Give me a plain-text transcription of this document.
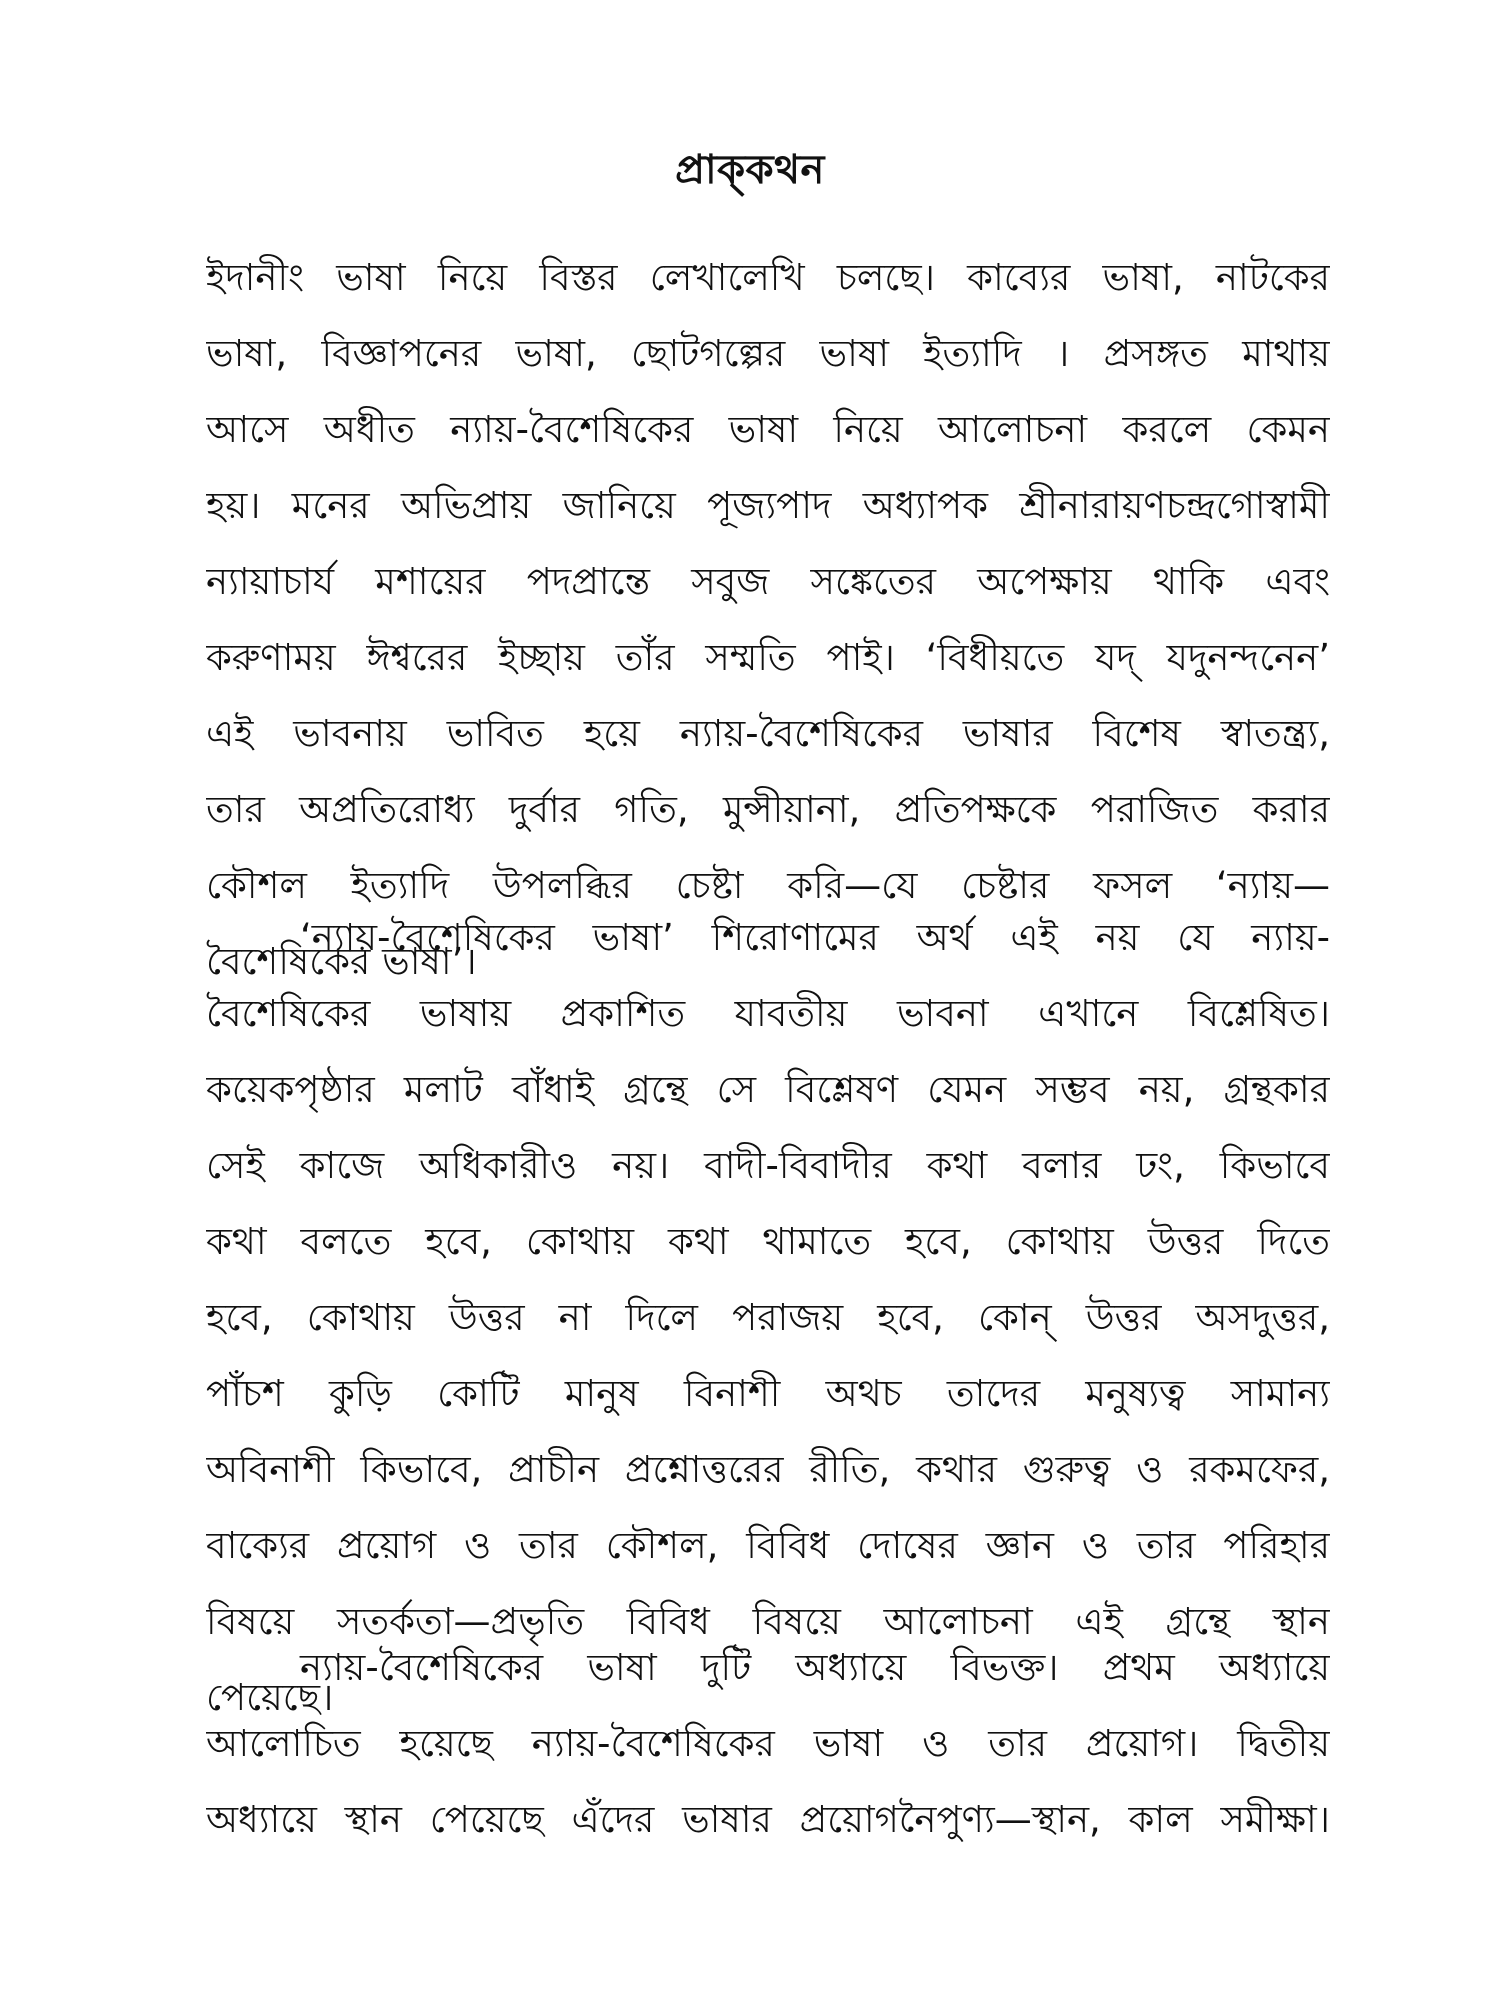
প্রাক্‌কথন
ইদানীং ভাষা নিয়ে বিস্তর লেখালেখি চলছে। কাব্যের ভাষা, নাটকের
ভাষা, বিজ্ঞাপনের ভাষা, ছোটগল্পের ভাষা ইত্যাদি । প্রসঙ্গত মাথায়
আসে অধীত ন্যায়-বৈশেষিকের ভাষা নিয়ে আলোচনা করলে কেমন
হয়। মনের অভিপ্রায় জানিয়ে পূজ্যপাদ অধ্যাপক শ্রীনারায়ণচন্দ্রগোস্বামী
ন্যায়াচার্য মশায়ের পদপ্রান্তে সবুজ সঙ্কেতের অপেক্ষায় থাকি এবং
করুণাময় ঈশ্বরের ইচ্ছায় তাঁর সম্মতি পাই। ‘বিধীয়তে যদ্‌ যদুনন্দনেন’
এই ভাবনায় ভাবিত হয়ে ন্যায়-বৈশেষিকের ভাষার বিশেষ স্বাতন্ত্র্য,
তার অপ্রতিরোধ্য দুর্বার গতি, মুন্সীয়ানা, প্রতিপক্ষকে পরাজিত করার
কৌশল ইত্যাদি উপলব্ধির চেষ্টা করি—যে চেষ্টার ফসল ‘ন্যায়—
বৈশেষিকের ভাষা’।
‘ন্যায়-বৈশেষিকের ভাষা’ শিরোণামের অর্থ এই নয় যে ন্যায়-
বৈশেষিকের ভাষায় প্রকাশিত যাবতীয় ভাবনা এখানে বিশ্লেষিত।
কয়েকপৃষ্ঠার মলাট বাঁধাই গ্রন্থে সে বিশ্লেষণ যেমন সম্ভব নয়, গ্রন্থকার
সেই কাজে অধিকারীও নয়। বাদী-বিবাদীর কথা বলার ঢং, কিভাবে
কথা বলতে হবে, কোথায় কথা থামাতে হবে, কোথায় উত্তর দিতে
হবে, কোথায় উত্তর না দিলে পরাজয় হবে, কোন্‌ উত্তর অসদুত্তর,
পাঁচশ কুড়ি কোটি মানুষ বিনাশী অথচ তাদের মনুষ্যত্ব সামান্য
অবিনাশী কিভাবে, প্রাচীন প্রশ্নোত্তরের রীতি, কথার গুরুত্ব ও রকমফের,
বাক্যের প্রয়োগ ও তার কৌশল, বিবিধ দোষের জ্ঞান ও তার পরিহার
বিষয়ে সতর্কতা—প্রভৃতি বিবিধ বিষয়ে আলোচনা এই গ্রন্থে স্থান
পেয়েছে।
ন্যায়-বৈশেষিকের ভাষা দুটি অধ্যায়ে বিভক্ত। প্রথম অধ্যায়ে
আলোচিত হয়েছে ন্যায়-বৈশেষিকের ভাষা ও তার প্রয়োগ। দ্বিতীয়
অধ্যায়ে স্থান পেয়েছে এঁদের ভাষার প্রয়োগনৈপুণ্য—স্থান, কাল সমীক্ষা।
